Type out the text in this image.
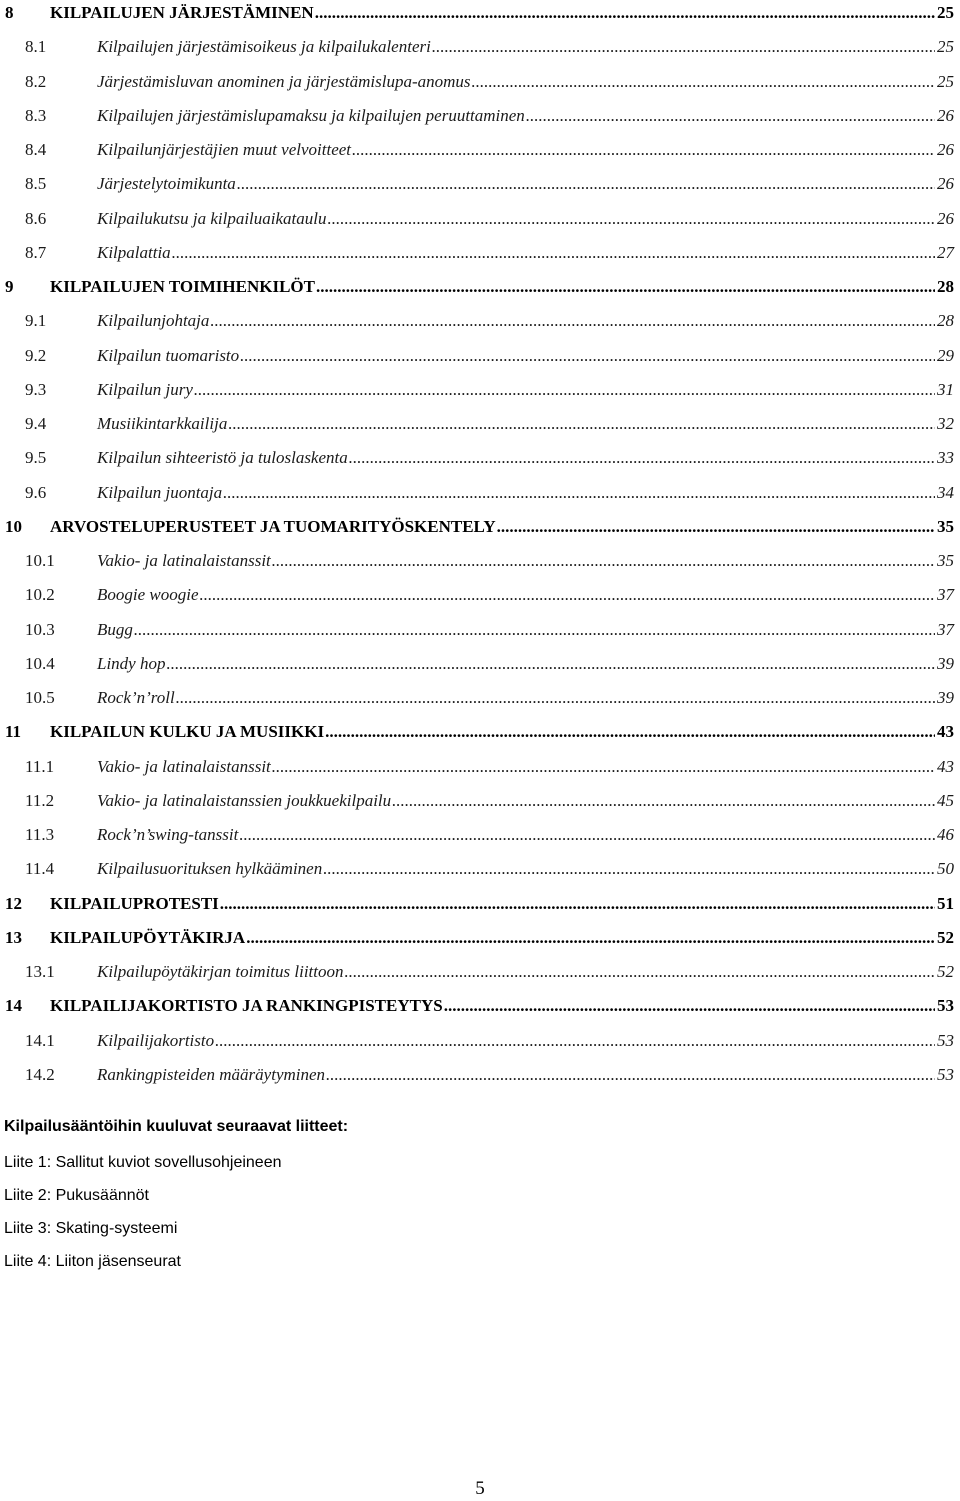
8 KILPAILUJEN JÄRJESTÄMINEN .....	25
8.1	Kilpailujen järjestämisoikeus ja kilpailukalenteri .....	25
8.2	Järjestämisluvan anominen ja järjestämislupa-anomus .....	25
8.3	Kilpailujen järjestämislupamaksu ja kilpailujen peruuttaminen .....	26
8.4	Kilpailunjärjestäjien muut velvoitteet .....	26
8.5	Järjestelytoimikunta .....	26
8.6	Kilpailukutsu ja kilpailuaikataulu .....	26
8.7	Kilpalattia .....	27
9 KILPAILUJEN TOIMIHENKILÖT .....	28
9.1	Kilpailunjohtaja .....	28
9.2	Kilpailun tuomaristo .....	29
9.3	Kilpailun jury .....	31
9.4	Musiikintarkkailija .....	32
9.5	Kilpailun sihteeristö ja tuloslaskenta .....	33
9.6	Kilpailun juontaja .....	34
10 ARVOSTELUPERUSTEET JA TUOMARITYÖSKENTELY .....	35
10.1 Vakio- ja latinalaistanssit .....	35
10.2 Boogie woogie .....	37
10.3 Bugg .....	37
10.4 Lindy hop .....	39
10.5 Rock’n’roll .....	39
11 KILPAILUN KULKU JA MUSIIKKI .....	43
11.1	Vakio- ja latinalaistanssit .....	43
11.2	Vakio- ja latinalaistanssien joukkuekilpailu .....	45
11.3	Rock’n’swing-tanssit .....	46
11.4	Kilpailusuorituksen hylkääminen .....	50
12 KILPAILUPROTESTI .....	51
13 KILPAILUPÖYTÄKIRJA .....	52
13.1 Kilpailupöytäkirjan toimitus liittoon .....	52
14 KILPAILIJAKORTISTO JA RANKINGPISTEYTYS .....	53
14.1 Kilpailijakortisto .....	53
14.2 Rankingpisteiden määräytyminen .....	53
Kilpailusääntöihin kuuluvat seuraavat liitteet:
Liite 1: Sallitut kuviot sovellusohjeineen
Liite 2: Pukusäännöt
Liite 3: Skating-systeemi
Liite 4: Liiton jäsenseurat
5
